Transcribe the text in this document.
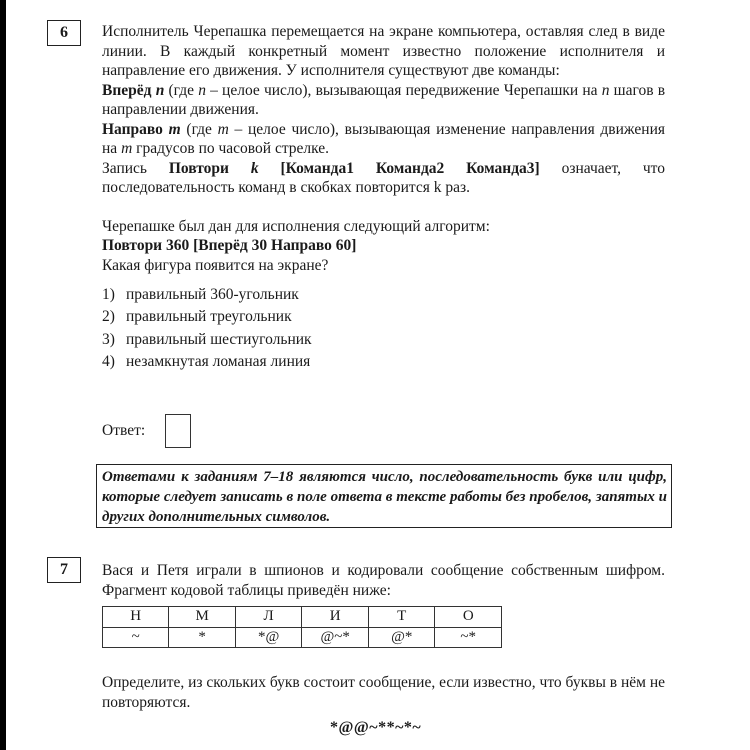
6	Исполнитель Черепашка перемещается на экране компьютера, оставляя след в виде линии. В каждый конкретный момент известно положение исполнителя и направление его движения. У исполнителя существуют две команды:

Вперёд n (где n – целое число), вызывающая передвижение Черепашки на n шагов в направлении движения.

Направо m (где m – целое число), вызывающая изменение направления движения на m градусов по часовой стрелке.

Запись Повтори k [Команда1 Команда2 Команда3] означает, что последовательность команд в скобках повторится k раз.

Черепашке был дан для исполнения следующий алгоритм:

Повтори 360 [Вперёд 30 Направо 60]

Какая фигура появится на экране?

1) правильный 360-угольник
2) правильный треугольник
3) правильный шестиугольник
4) незамкнутая ломаная линия
Ответ:
Ответами к заданиям 7–18 являются число, последовательность букв или цифр, которые следует записать в поле ответа в тексте работы без пробелов, запятых и других дополнительных символов.
7	Вася и Петя играли в шпионов и кодировали сообщение собственным шифром. Фрагмент кодовой таблицы приведён ниже:

Н	М	Л	И	Т	О
~	*	*@	@~*	@*	~*

Определите, из скольких букв состоит сообщение, если известно, что буквы в нём не повторяются.

*@@~**~*~
